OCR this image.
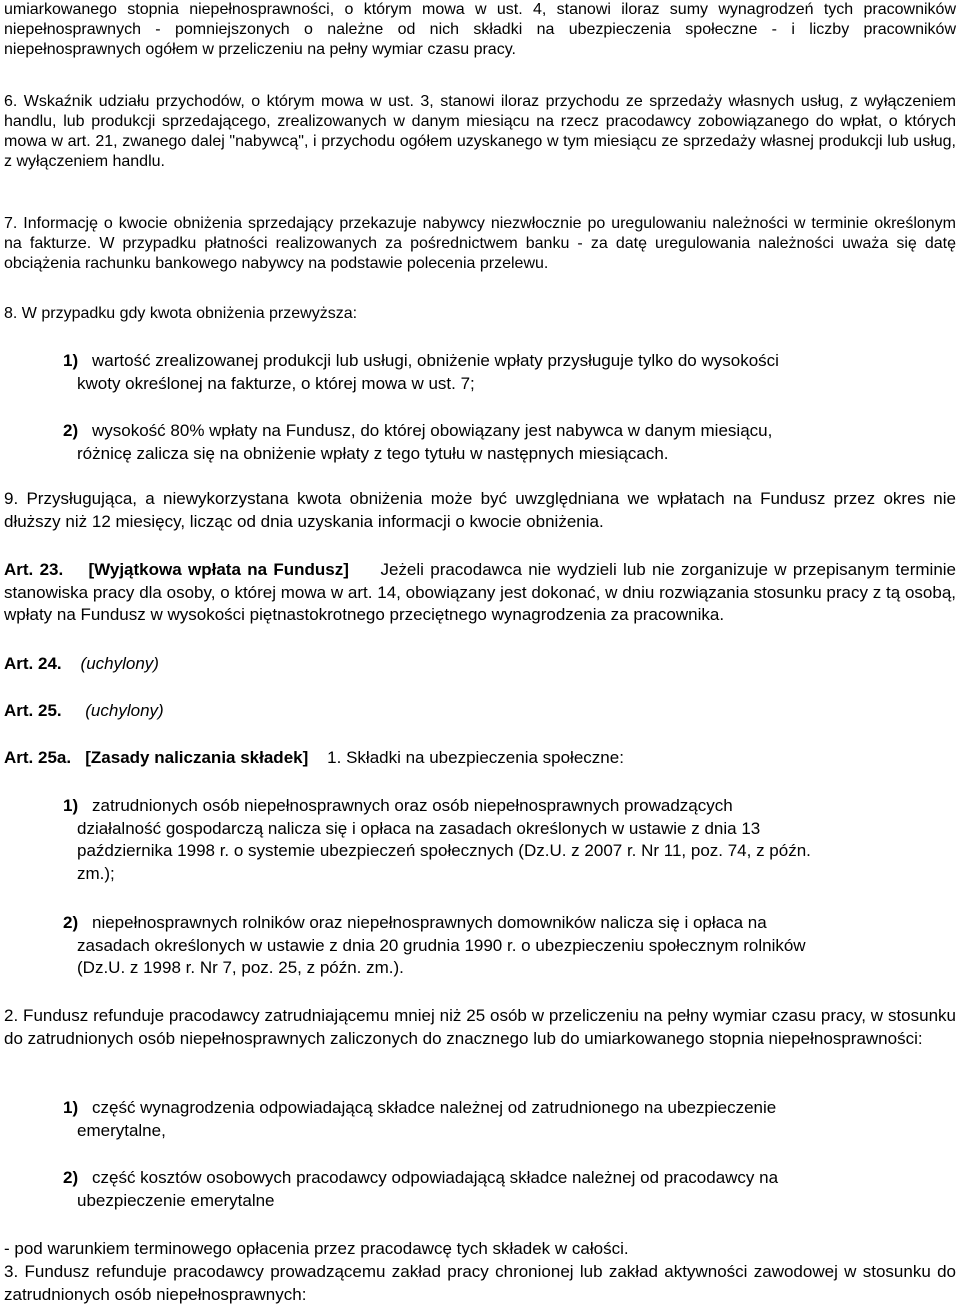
umiarkowanego stopnia niepełnosprawności, o którym mowa w ust. 4, stanowi iloraz sumy wynagrodzeń tych pracowników niepełnosprawnych - pomniejszonych o należne od nich składki na ubezpieczenia społeczne - i liczby pracowników niepełnosprawnych ogółem w przeliczeniu na pełny wymiar czasu pracy.
6. Wskaźnik udziału przychodów, o którym mowa w ust. 3, stanowi iloraz przychodu ze sprzedaży własnych usług, z wyłączeniem handlu, lub produkcji sprzedającego, zrealizowanych w danym miesiącu na rzecz pracodawcy zobowiązanego do wpłat, o których mowa w art. 21, zwanego dalej "nabywcą", i przychodu ogółem uzyskanego w tym miesiącu ze sprzedaży własnej produkcji lub usług, z wyłączeniem handlu.
7. Informację o kwocie obniżenia sprzedający przekazuje nabywcy niezwłocznie po uregulowaniu należności w terminie określonym na fakturze. W przypadku płatności realizowanych za pośrednictwem banku - za datę uregulowania należności uważa się datę obciążenia rachunku bankowego nabywcy na podstawie polecenia przelewu.
8. W przypadku gdy kwota obniżenia przewyższa:
1) wartość zrealizowanej produkcji lub usługi, obniżenie wpłaty przysługuje tylko do wysokości
kwoty określonej na fakturze, o której mowa w ust. 7;
2) wysokość 80% wpłaty na Fundusz, do której obowiązany jest nabywca w danym miesiącu,
różnicę zalicza się na obniżenie wpłaty z tego tytułu w następnych miesiącach.
9. Przysługująca, a niewykorzystana kwota obniżenia może być uwzględniana we wpłatach na Fundusz przez okres nie dłuższy niż 12 miesięcy, licząc od dnia uzyskania informacji o kwocie obniżenia.
Art. 23. [Wyjątkowa wpłata na Fundusz] Jeżeli pracodawca nie wydzieli lub nie zorganizuje w przepisanym terminie stanowiska pracy dla osoby, o której mowa w art. 14, obowiązany jest dokonać, w dniu rozwiązania stosunku pracy z tą osobą, wpłaty na Fundusz w wysokości piętnastokrotnego przeciętnego wynagrodzenia za pracownika.
Art. 24. (uchylony)
Art. 25. (uchylony)
Art. 25a. [Zasady naliczania składek] 1. Składki na ubezpieczenia społeczne:
1) zatrudnionych osób niepełnosprawnych oraz osób niepełnosprawnych prowadzących
działalność gospodarczą nalicza się i opłaca na zasadach określonych w ustawie z dnia 13
października 1998 r. o systemie ubezpieczeń społecznych (Dz.U. z 2007 r. Nr 11, poz. 74, z późn.
zm.);
2) niepełnosprawnych rolników oraz niepełnosprawnych domowników nalicza się i opłaca na
zasadach określonych w ustawie z dnia 20 grudnia 1990 r. o ubezpieczeniu społecznym rolników
(Dz.U. z 1998 r. Nr 7, poz. 25, z późn. zm.).
2. Fundusz refunduje pracodawcy zatrudniającemu mniej niż 25 osób w przeliczeniu na pełny wymiar czasu pracy, w stosunku do zatrudnionych osób niepełnosprawnych zaliczonych do znacznego lub do umiarkowanego stopnia niepełnosprawności:
1) część wynagrodzenia odpowiadającą składce należnej od zatrudnionego na ubezpieczenie
emerytalne,
2) część kosztów osobowych pracodawcy odpowiadającą składce należnej od pracodawcy na
ubezpieczenie emerytalne
- pod warunkiem terminowego opłacenia przez pracodawcę tych składek w całości.
3. Fundusz refunduje pracodawcy prowadzącemu zakład pracy chronionej lub zakład aktywności zawodowej w stosunku do zatrudnionych osób niepełnosprawnych:
